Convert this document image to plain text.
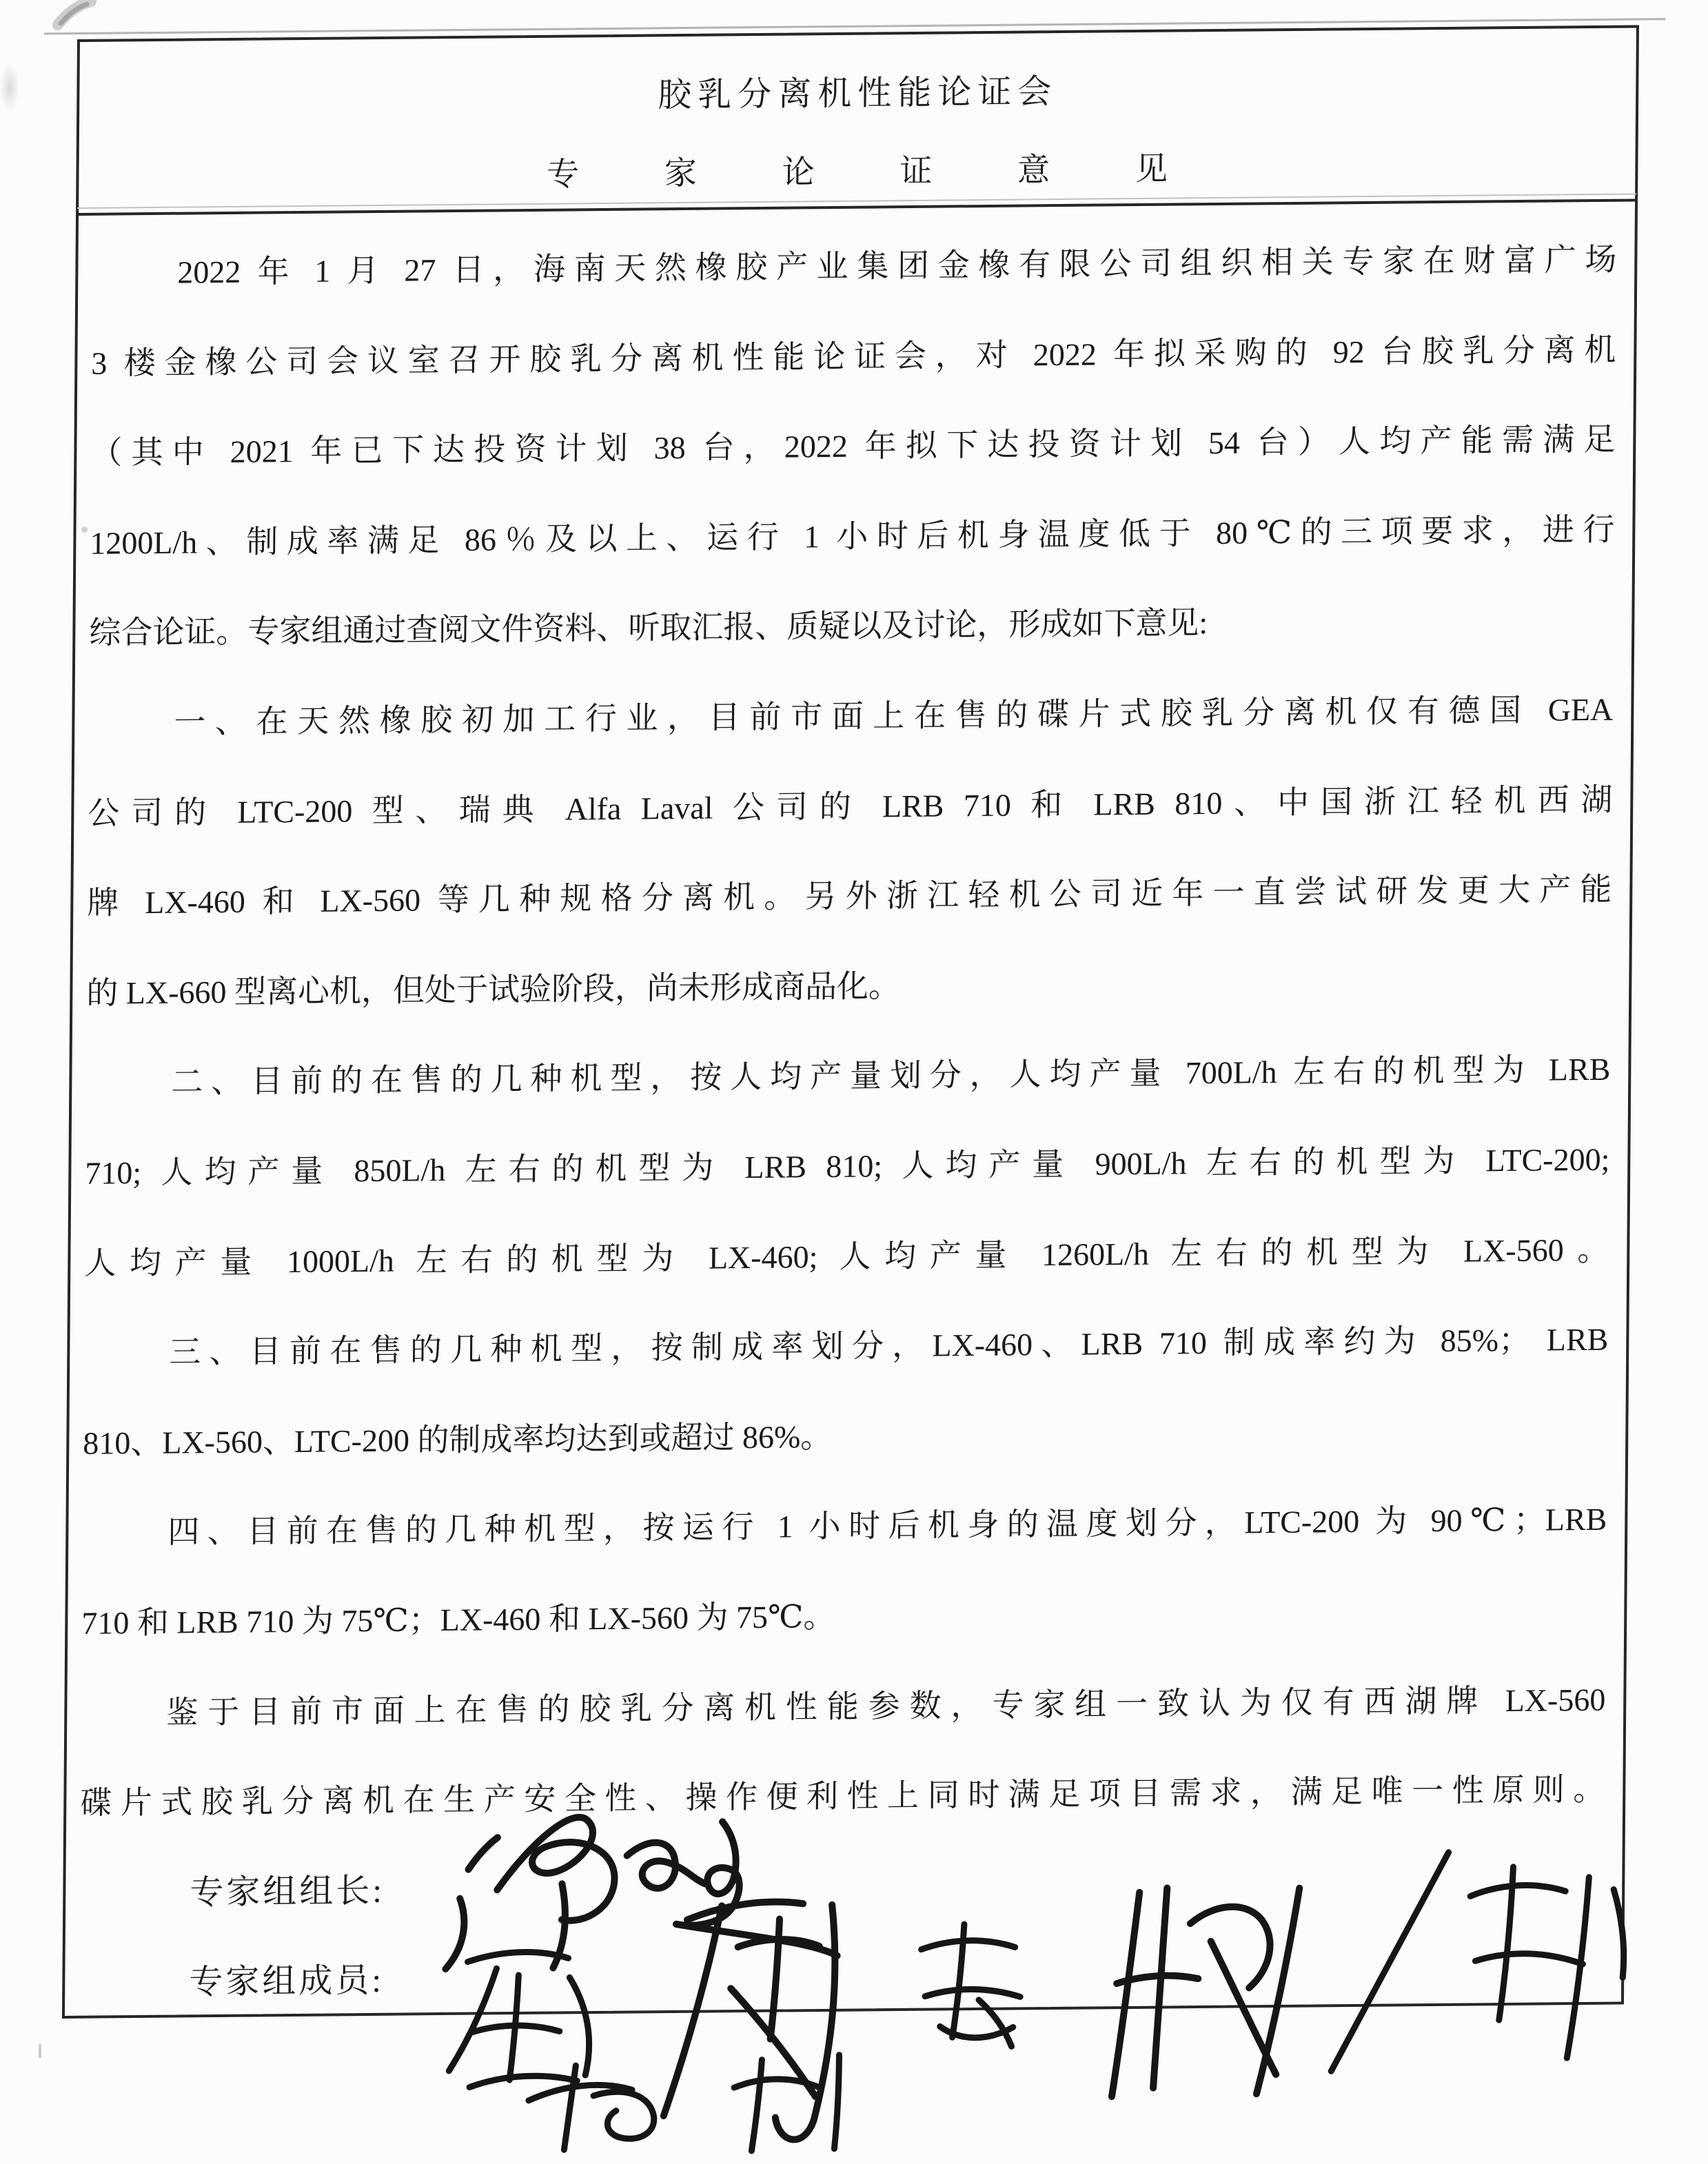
胶乳分离机性能论证会
专 家 论 证 意 见
2022 年 1 月 27 日，海南天然橡胶产业集团金橡有限公司组织相关专家在财富广场
3 楼金橡公司会议室召开胶乳分离机性能论证会，对 2022 年拟采购的 92 台胶乳分离机
（其中 2021 年已下达投资计划 38 台，2022 年拟下达投资计划 54 台）人均产能需满足
1200L/h、制成率满足 86％及以上、运行 1 小时后机身温度低于 80℃的三项要求，进行
综合论证。专家组通过查阅文件资料、听取汇报、质疑以及讨论，形成如下意见:
一、在天然橡胶初加工行业，目前市面上在售的碟片式胶乳分离机仅有德国 GEA
公司的 LTC-200 型、瑞典 Alfa Laval 公司的 LRB 710 和 LRB 810、中国浙江轻机西湖
牌 LX-460 和 LX-560 等几种规格分离机。另外浙江轻机公司近年一直尝试研发更大产能
的 LX-660 型离心机，但处于试验阶段，尚未形成商品化。
二、目前的在售的几种机型，按人均产量划分，人均产量 700L/h 左右的机型为 LRB
710; 人均产量 850L/h 左右的机型为 LRB 810; 人均产量 900L/h 左右的机型为 LTC-200;
人均产量 1000L/h 左右的机型为 LX-460; 人均产量 1260L/h 左右的机型为 LX-560。
三、目前在售的几种机型，按制成率划分，LX-460、LRB 710 制成率约为 85%； LRB
810、LX-560、LTC-200 的制成率均达到或超过 86%。
四、目前在售的几种机型，按运行 1 小时后机身的温度划分，LTC-200 为 90℃；LRB
710 和 LRB 710 为 75℃；LX-460 和 LX-560 为 75℃。
鉴于目前市面上在售的胶乳分离机性能参数，专家组一致认为仅有西湖牌 LX-560
碟片式胶乳分离机在生产安全性、操作便利性上同时满足项目需求，满足唯一性原则。
专家组组长:
专家组成员:
